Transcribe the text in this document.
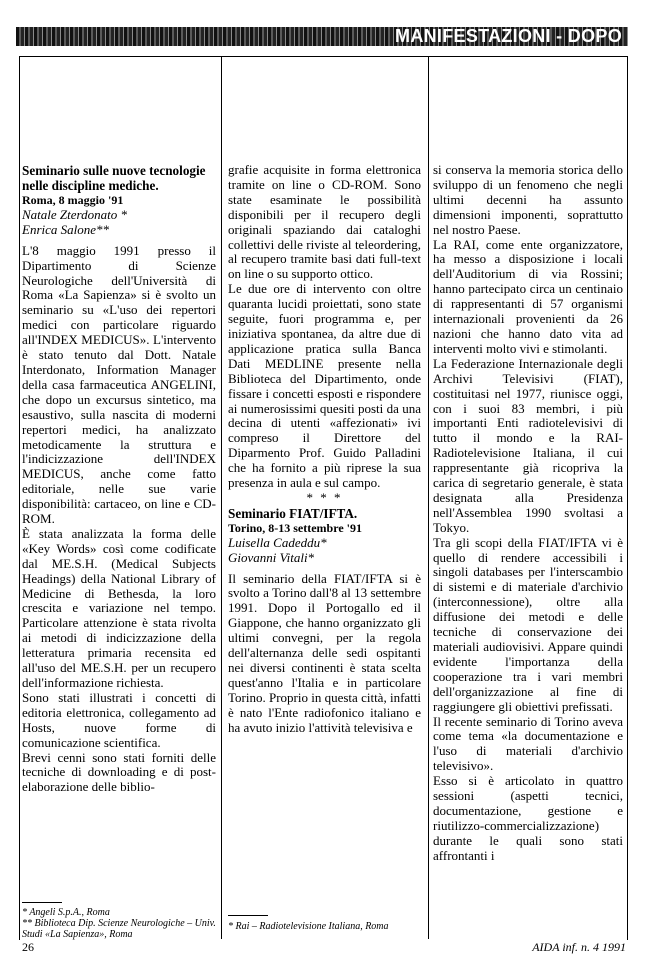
MANIFESTAZIONI - DOPO

Seminario sulle nuove tecnologie nelle discipline mediche.

Roma, 8 maggio '91

Natale Zterdonato *

Enrica Salone**

L'8 maggio 1991 presso il Dipartimento di Scienze Neurologiche dell'Università di Roma «La Sapienza» si è svolto un seminario su «L'uso dei repertori medici con particolare riguardo all'INDEX MEDICUS». L'intervento è stato tenuto dal Dott. Natale Interdonato, Information Manager della casa farmaceutica ANGELINI, che dopo un excursus sintetico, ma esaustivo, sulla nascita di moderni repertori medici, ha analizzato metodicamente la struttura e l'indicizzazione dell'INDEX MEDICUS, anche come fatto editoriale, nelle sue varie disponibilità: cartaceo, on line e CD-ROM.

È stata analizzata la forma delle «Key Words» così come codificate dal ME.S.H. (Medical Subjects Headings) della National Library of Medicine di Bethesda, la loro crescita e variazione nel tempo. Particolare attenzione è stata rivolta ai metodi di indicizzazione della letteratura primaria recensita ed all'uso del ME.S.H. per un recupero dell'informazione richiesta.

Sono stati illustrati i concetti di editoria elettronica, collegamento ad Hosts, nuove forme di comunicazione scientifica.

Brevi cenni sono stati forniti delle tecniche di downloading e di post-elaborazione delle biblio-

* Angeli S.p.A., Roma
** Biblioteca Dip. Scienze Neurologiche – Univ. Studi «La Sapienza», Roma

grafie acquisite in forma elettronica tramite on line o CD-ROM. Sono state esaminate le possibilità disponibili per il recupero degli originali spaziando dai cataloghi collettivi delle riviste al teleordering, al recupero tramite basi dati full-text on line o su supporto ottico.

Le due ore di intervento con oltre quaranta lucidi proiettati, sono state seguite, fuori programma e, per iniziativa spontanea, da altre due di applicazione pratica sulla Banca Dati MEDLINE presente nella Biblioteca del Dipartimento, onde fissare i concetti esposti e rispondere ai numerosissimi quesiti posti da una decina di utenti «affezionati» ivi compreso il Direttore del Diparmento Prof. Guido Palladini che ha fornito a più riprese la sua presenza in aula e sul campo.

* * *

Seminario FIAT/IFTA.

Torino, 8-13 settembre '91

Luisella Cadeddu*

Giovanni Vitali*

Il seminario della FIAT/IFTA si è svolto a Torino dall'8 al 13 settembre 1991. Dopo il Portogallo ed il Giappone, che hanno organizzato gli ultimi convegni, per la regola dell'alternanza delle sedi ospitanti nei diversi continenti è stata scelta quest'anno l'Italia e in particolare Torino. Proprio in questa città, infatti è nato l'Ente radiofonico italiano e ha avuto inizio l'attività televisiva e

* Rai – Radiotelevisione Italiana, Roma

si conserva la memoria storica dello sviluppo di un fenomeno che negli ultimi decenni ha assunto dimensioni imponenti, soprattutto nel nostro Paese.

La RAI, come ente organizzatore, ha messo a disposizione i locali dell'Auditorium di via Rossini; hanno partecipato circa un centinaio di rappresentanti di 57 organismi internazionali provenienti da 26 nazioni che hanno dato vita ad interventi molto vivi e stimolanti.

La Federazione Internazionale degli Archivi Televisivi (FIAT), costituitasi nel 1977, riunisce oggi, con i suoi 83 membri, i più importanti Enti radiotelevisivi di tutto il mondo e la RAI-Radiotelevisione Italiana, il cui rappresentante già ricopriva la carica di segretario generale, è stata designata alla Presidenza nell'Assemblea 1990 svoltasi a Tokyo.

Tra gli scopi della FIAT/IFTA vi è quello di rendere accessibili i singoli databases per l'interscambio di sistemi e di materiale d'archivio (interconnessione), oltre alla diffusione dei metodi e delle tecniche di conservazione dei materiali audiovisivi. Appare quindi evidente l'importanza della cooperazione tra i vari membri dell'organizzazione al fine di raggiungere gli obiettivi prefissati.

Il recente seminario di Torino aveva come tema «la documentazione e l'uso di materiali d'archivio televisivo».

Esso si è articolato in quattro sessioni (aspetti tecnici, documentazione, gestione e riutilizzo-commercializzazione) durante le quali sono stati affrontanti i

26	AIDA inf. n. 4 1991
